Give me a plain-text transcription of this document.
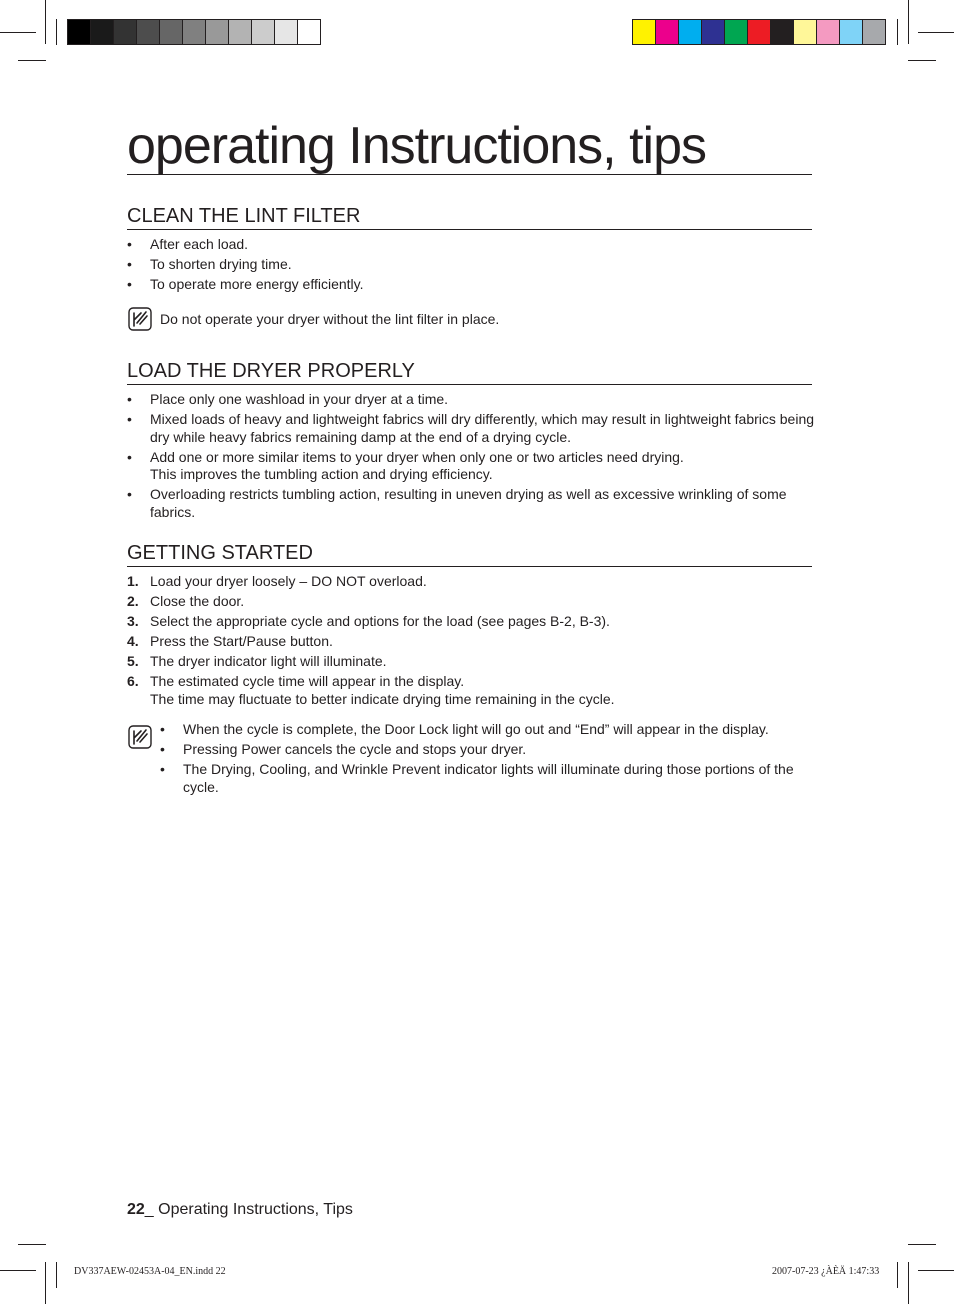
operating Instructions, tips
CLEAN THE LINT FILTER
• After each load.
• To shorten drying time.
• To operate more energy efficiently.
Do not operate your dryer without the lint filter in place.
LOAD THE DRYER PROPERLY
• Place only one washload in your dryer at a time.
• Mixed loads of heavy and lightweight fabrics will dry differently, which may result in lightweight fabrics being dry while heavy fabrics remaining damp at the end of a drying cycle.
• Add one or more similar items to your dryer when only one or two articles need drying.
This improves the tumbling action and drying efficiency.
• Overloading restricts tumbling action, resulting in uneven drying as well as excessive wrinkling of some fabrics.
GETTING STARTED
1. Load your dryer loosely – DO NOT overload.
2. Close the door.
3. Select the appropriate cycle and options for the load (see pages B-2, B-3).
4. Press the Start/Pause button.
5. The dryer indicator light will illuminate.
6. The estimated cycle time will appear in the display.
The time may fluctuate to better indicate drying time remaining in the cycle.
• When the cycle is complete, the Door Lock light will go out and “End” will appear in the display.
• Pressing Power cancels the cycle and stops your dryer.
• The Drying, Cooling, and Wrinkle Prevent indicator lights will illuminate during those portions of the cycle.
22_ Operating Instructions, Tips
DV337AEW-02453A-04_EN.indd 22	2007-07-23 ¿ÀÈÄ 1:47:33
